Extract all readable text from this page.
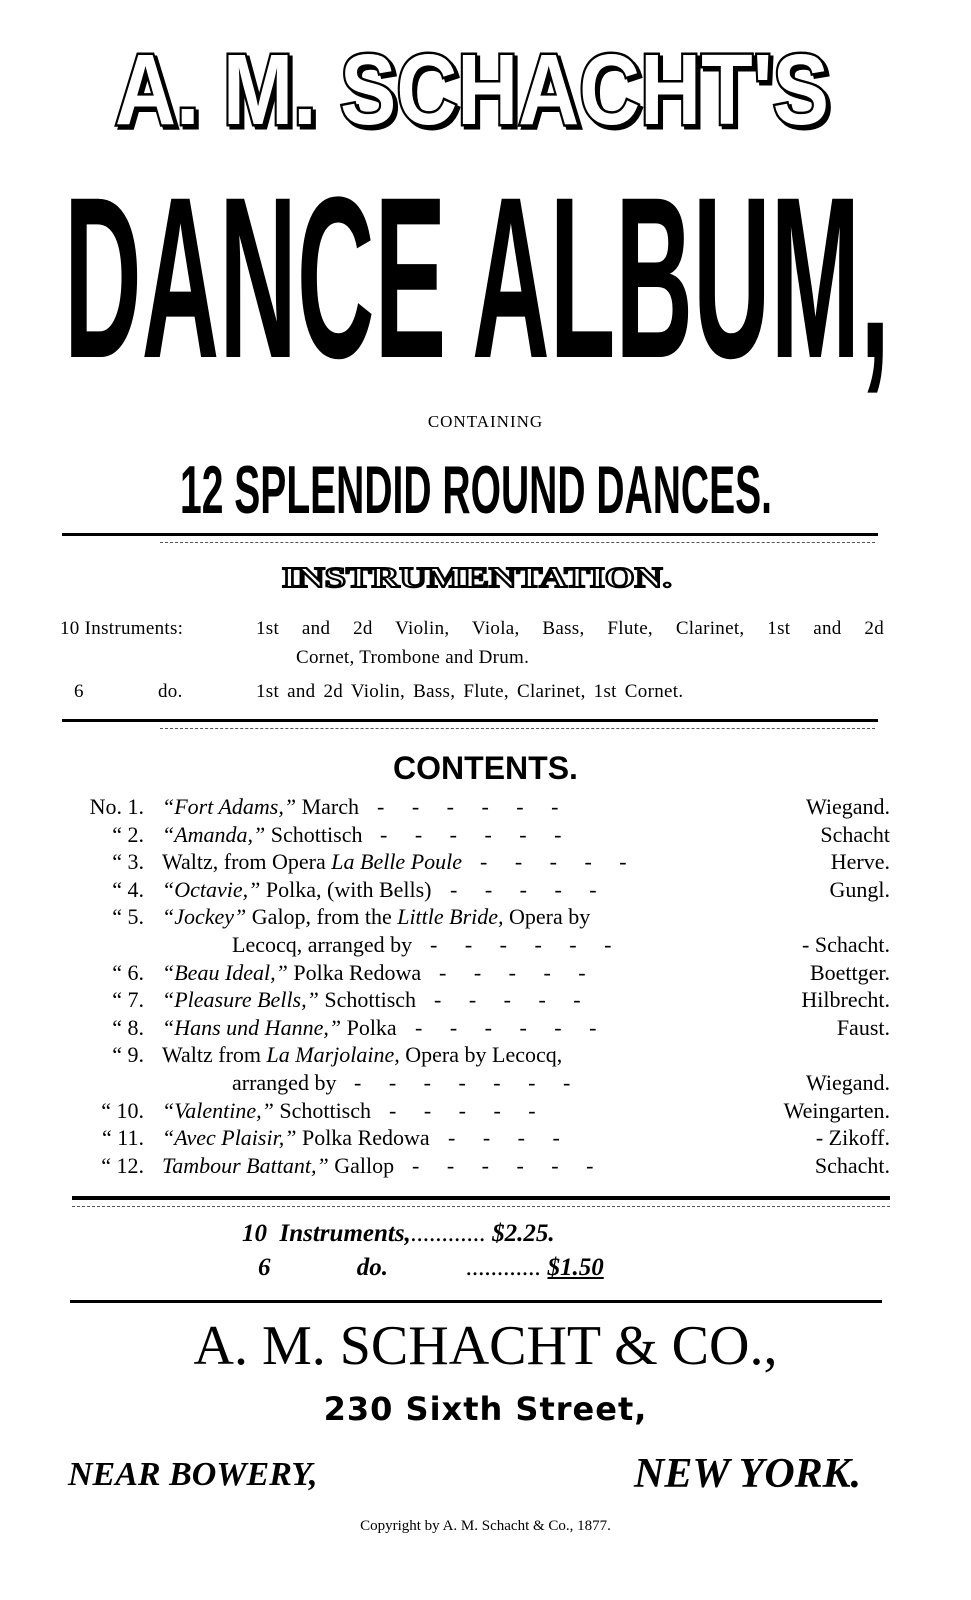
A. M. SCHACHT'S
DANCE ALBUM,
CONTAINING
12 SPLENDID ROUND DANCES.
INSTRUMENTATION.
10 Instruments:	1st and 2d Violin, Viola, Bass, Flute, Clarinet, 1st and 2d
Cornet, Trombone and Drum.
6	do.	1st and 2d Violin, Bass, Flute, Clarinet, 1st Cornet.
CONTENTS.
No. 1. “Fort Adams,” March - - - - - -	Wiegand.
“ 2. “Amanda,” Schottisch - - - - - -	Schacht
“ 3. Waltz, from Opera La Belle Poule - - - - -	Herve.
“ 4. “Octavie,” Polka, (with Bells) - - - - -	Gungl.
“ 5. “Jockey” Galop, from the Little Bride, Opera by
Lecocq, arranged by - - - - - -	- Schacht.
“ 6. “Beau Ideal,” Polka Redowa - - - - -	Boettger.
“ 7. “Pleasure Bells,” Schottisch - - - - -	Hilbrecht.
“ 8. “Hans und Hanne,” Polka - - - - - -	Faust.
“ 9. Waltz from La Marjolaine, Opera by Lecocq,
arranged by - - - - - - -	Wiegand.
“ 10. “Valentine,” Schottisch - - - - -	Weingarten.
“ 11. “Avec Plaisir,” Polka Redowa - - - -	- Zikoff.
“ 12. Tambour Battant,” Gallop - - - - - -	Schacht.
10 Instruments,............ $2.25.
6	do.	............ $1.50
A. M. SCHACHT & CO.,
230 Sixth Street,
NEAR BOWERY,	NEW YORK.
Copyright by A. M. Schacht & Co., 1877.
